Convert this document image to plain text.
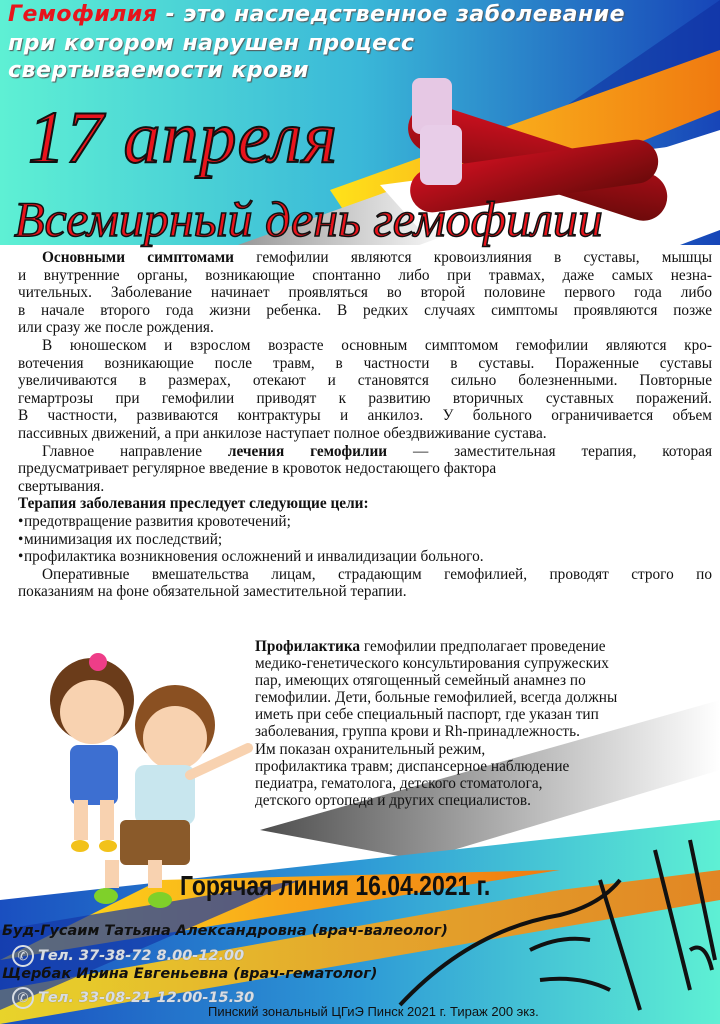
Гемофилия - это наследственное заболевание
при котором нарушен процесс
свертываемости крови
17 апреля
Всемирный день гемофилии
Основными симптомами гемофилии являются кровоизлияния в суставы, мышцы
и внутренние органы, возникающие спонтанно либо при травмах, даже самых незна-
чительных. Заболевание начинает проявляться во второй половине первого года либо
в начале второго года жизни ребенка. В редких случаях симптомы проявляются позже
или сразу же после рождения.
В юношеском и взрослом возрасте основным симптомом гемофилии являются кро-
вотечения возникающие после травм, в частности в суставы. Пораженные суставы
увеличиваются в размерах, отекают и становятся сильно болезненными. Повторные
гемартрозы при гемофилии приводят к развитию вторичных суставных поражений.
В частности, развиваются контрактуры и анкилоз. У больного ограничивается объем
пассивных движений, а при анкилозе наступает полное обездвиживание сустава.
Главное направление лечения гемофилии — заместительная терапия, которая
предусматривает регулярное введение в кровоток недостающего фактора
свертывания.
Терапия заболевания преследует следующие цели:
•предотвращение развития кровотечений;
•минимизация их последствий;
•профилактика возникновения осложнений и инвалидизации больного.
Оперативные вмешательства лицам, страдающим гемофилией, проводят строго по
показаниям на фоне обязательной заместительной терапии.
Профилактика гемофилии предполагает проведение
медико-генетического консультирования супружеских
пар, имеющих отягощенный семейный анамнез по
гемофилии. Дети, больные гемофилией, всегда должны
иметь при себе специальный паспорт, где указан тип
заболевания, группа крови и Rh-принадлежность.
Им показан охранительный режим,
профилактика травм; диспансерное наблюдение
педиатра, гематолога, детского стоматолога,
детского ортопеда и других специалистов.
Горячая линия 16.04.2021 г.
Буд-Гусаим Татьяна Александровна (врач-валеолог)
✆ Тел. 37-38-72 8.00-12.00
Щербак Ирина Евгеньевна (врач-гематолог)
✆ Тел. 33-08-21 12.00-15.30
Пинский зональный ЦГиЭ Пинск 2021 г. Тираж 200 экз.
